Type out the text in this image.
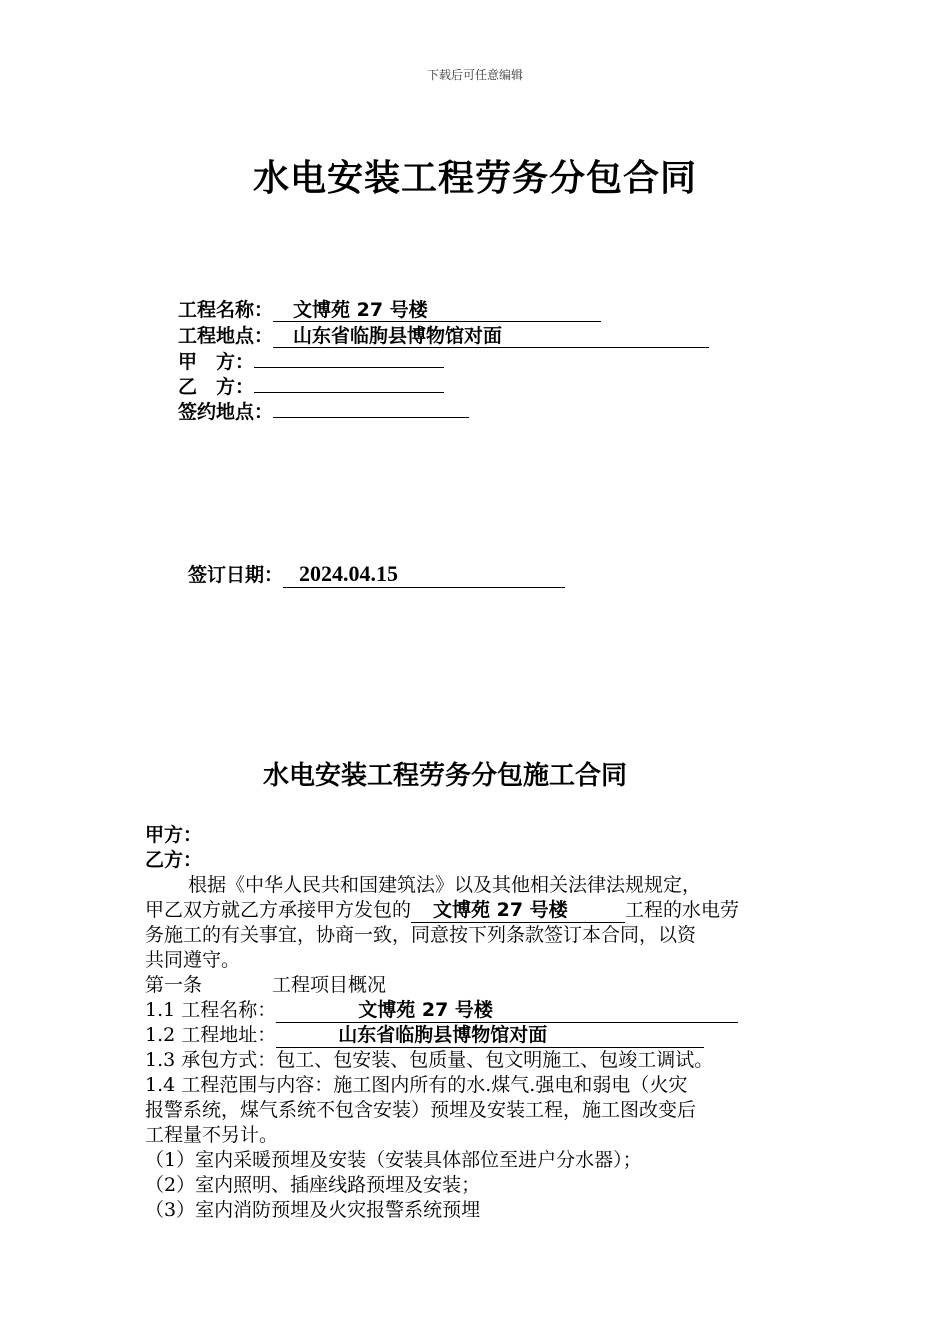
下载后可任意编辑
水电安装工程劳务分包合同
工程名称： 文博苑 27 号楼
工程地点： 山东省临朐县博物馆对面
甲　方：
乙　方：
签约地点：
签订日期： 2024.04.15
水电安装工程劳务分包施工合同
甲方：
乙方：
根据《中华人民共和国建筑法》以及其他相关法律法规规定，
甲乙双方就乙方承接甲方发包的 文博苑 27 号楼	工程的水电劳
务施工的有关事宜，协商一致，同意按下列条款签订本合同，以资
共同遵守。
第一条	工程项目概况
1.1 工程名称：	文博苑 27 号楼
1.2 工程地址：	山东省临朐县博物馆对面
1.3 承包方式：包工、包安装、包质量、包文明施工、包竣工调试。
1.4 工程范围与内容：施工图内所有的水.煤气.强电和弱电（火灾
报警系统，煤气系统不包含安装）预埋及安装工程，施工图改变后
工程量不另计。
（1）室内采暖预埋及安装（安装具体部位至进户分水器）；
（2）室内照明、插座线路预埋及安装；
（3）室内消防预埋及火灾报警系统预埋
